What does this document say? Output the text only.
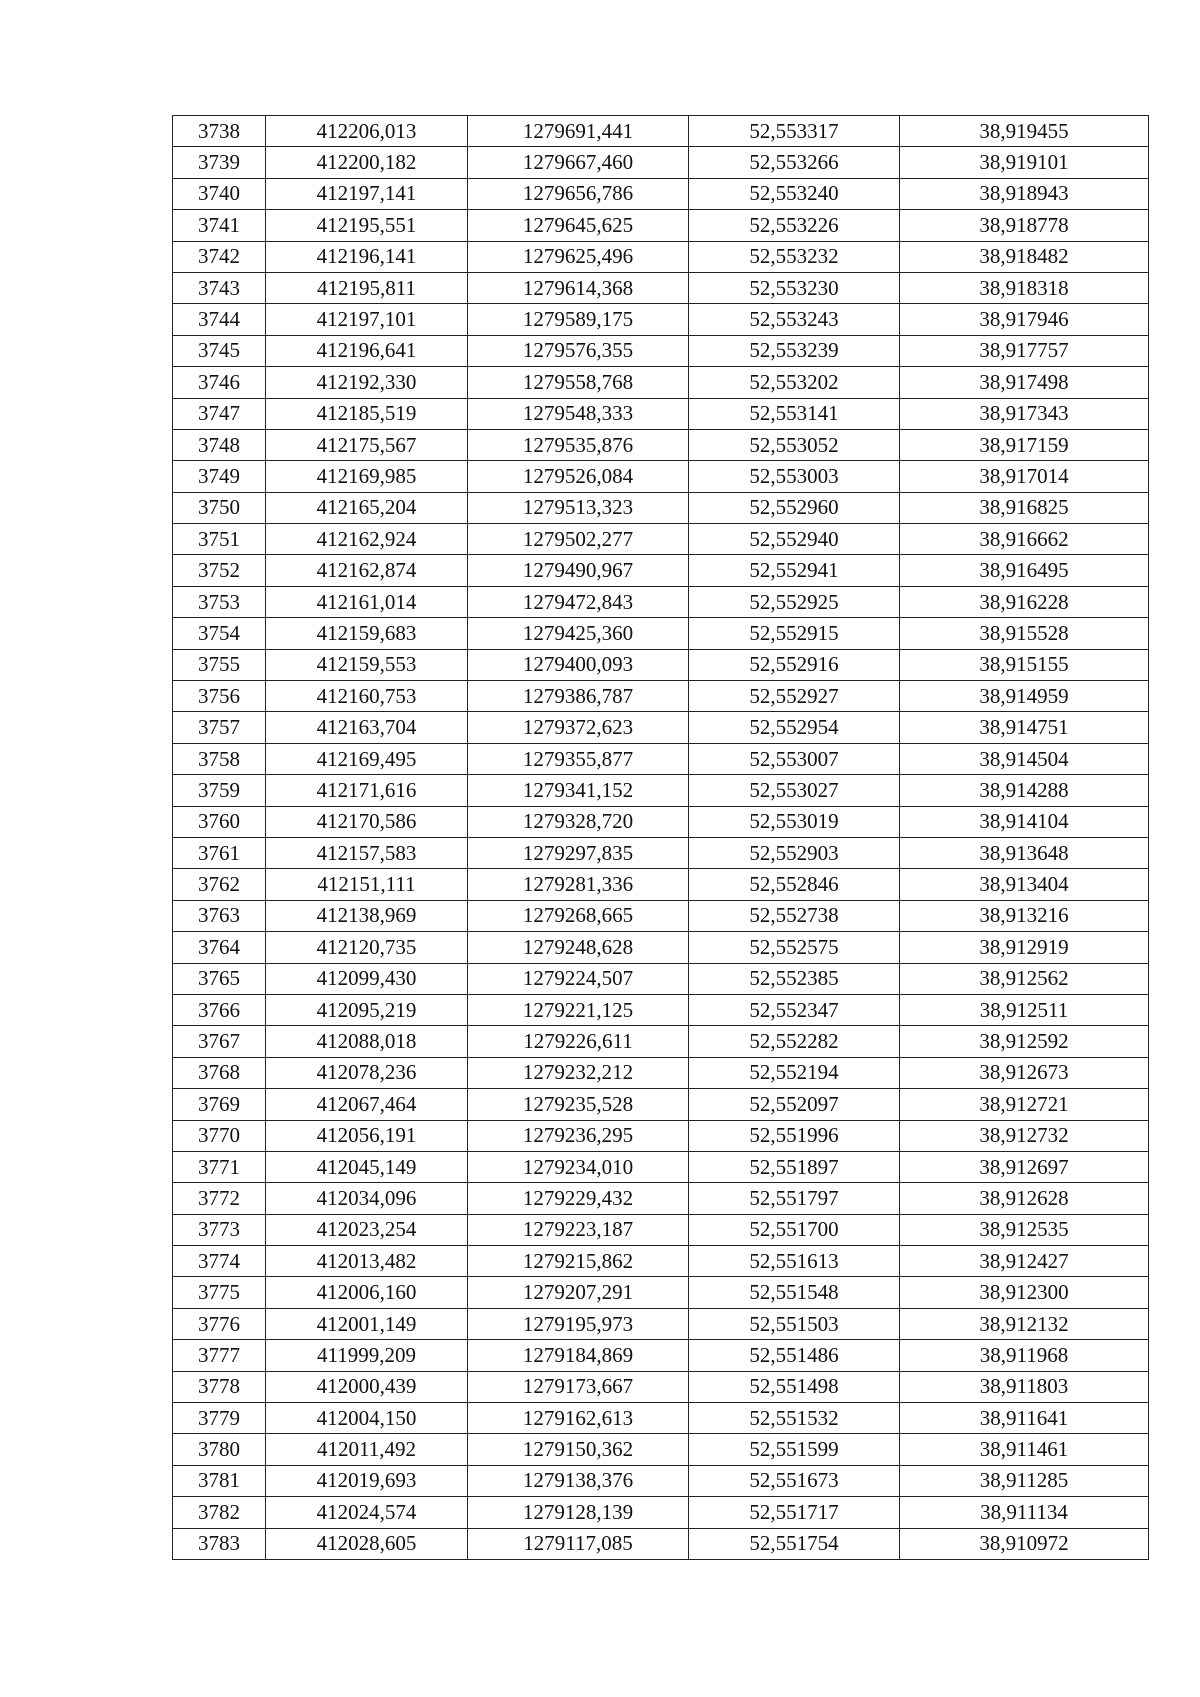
3738	412206,013	1279691,441	52,553317	38,919455
3739	412200,182	1279667,460	52,553266	38,919101
3740	412197,141	1279656,786	52,553240	38,918943
3741	412195,551	1279645,625	52,553226	38,918778
3742	412196,141	1279625,496	52,553232	38,918482
3743	412195,811	1279614,368	52,553230	38,918318
3744	412197,101	1279589,175	52,553243	38,917946
3745	412196,641	1279576,355	52,553239	38,917757
3746	412192,330	1279558,768	52,553202	38,917498
3747	412185,519	1279548,333	52,553141	38,917343
3748	412175,567	1279535,876	52,553052	38,917159
3749	412169,985	1279526,084	52,553003	38,917014
3750	412165,204	1279513,323	52,552960	38,916825
3751	412162,924	1279502,277	52,552940	38,916662
3752	412162,874	1279490,967	52,552941	38,916495
3753	412161,014	1279472,843	52,552925	38,916228
3754	412159,683	1279425,360	52,552915	38,915528
3755	412159,553	1279400,093	52,552916	38,915155
3756	412160,753	1279386,787	52,552927	38,914959
3757	412163,704	1279372,623	52,552954	38,914751
3758	412169,495	1279355,877	52,553007	38,914504
3759	412171,616	1279341,152	52,553027	38,914288
3760	412170,586	1279328,720	52,553019	38,914104
3761	412157,583	1279297,835	52,552903	38,913648
3762	412151,111	1279281,336	52,552846	38,913404
3763	412138,969	1279268,665	52,552738	38,913216
3764	412120,735	1279248,628	52,552575	38,912919
3765	412099,430	1279224,507	52,552385	38,912562
3766	412095,219	1279221,125	52,552347	38,912511
3767	412088,018	1279226,611	52,552282	38,912592
3768	412078,236	1279232,212	52,552194	38,912673
3769	412067,464	1279235,528	52,552097	38,912721
3770	412056,191	1279236,295	52,551996	38,912732
3771	412045,149	1279234,010	52,551897	38,912697
3772	412034,096	1279229,432	52,551797	38,912628
3773	412023,254	1279223,187	52,551700	38,912535
3774	412013,482	1279215,862	52,551613	38,912427
3775	412006,160	1279207,291	52,551548	38,912300
3776	412001,149	1279195,973	52,551503	38,912132
3777	411999,209	1279184,869	52,551486	38,911968
3778	412000,439	1279173,667	52,551498	38,911803
3779	412004,150	1279162,613	52,551532	38,911641
3780	412011,492	1279150,362	52,551599	38,911461
3781	412019,693	1279138,376	52,551673	38,911285
3782	412024,574	1279128,139	52,551717	38,911134
3783	412028,605	1279117,085	52,551754	38,910972
